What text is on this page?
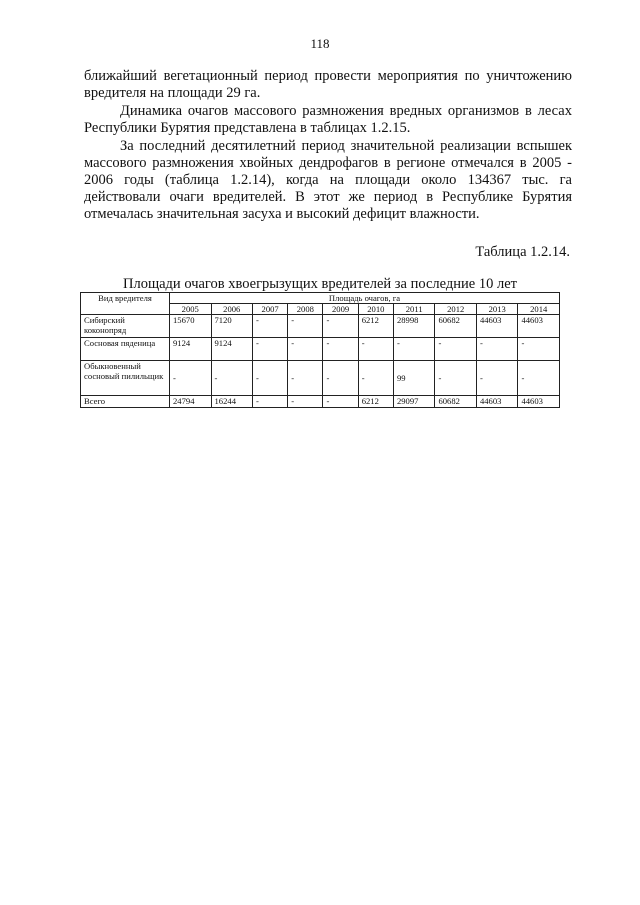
118
ближайший вегетационный период провести мероприятия по уничтожению вредителя на площади 29 га.
Динамика очагов массового размножения вредных организмов в лесах Республики Бурятия представлена в таблицах 1.2.15.
За последний десятилетний период значительной реализации вспышек массового размножения хвойных дендрофагов в регионе отмечался в 2005 - 2006 годы (таблица 1.2.14), когда на площади около 134367 тыс. га действовали очаги вредителей. В этот же период в Республике Бурятия отмечалась значительная засуха и высокий дефицит влажности.
Таблица 1.2.14.
Площади очагов хвоегрызущих вредителей за последние 10 лет
Вид вредителя	Площадь очагов, га									
	2005	2006	2007	2008	2009	2010	2011	2012	2013	2014
Сибирский коконопряд	15670	7120	-	-	-	6212	28998	60682	44603	44603
Сосновая пяденица	9124	9124	-	-	-	-	-	-	-	-
Обыкновенный сосновый пилильщик	-	-	-	-	-	-	99	-	-	-
Всего	24794	16244	-	-	-	6212	29097	60682	44603	44603
